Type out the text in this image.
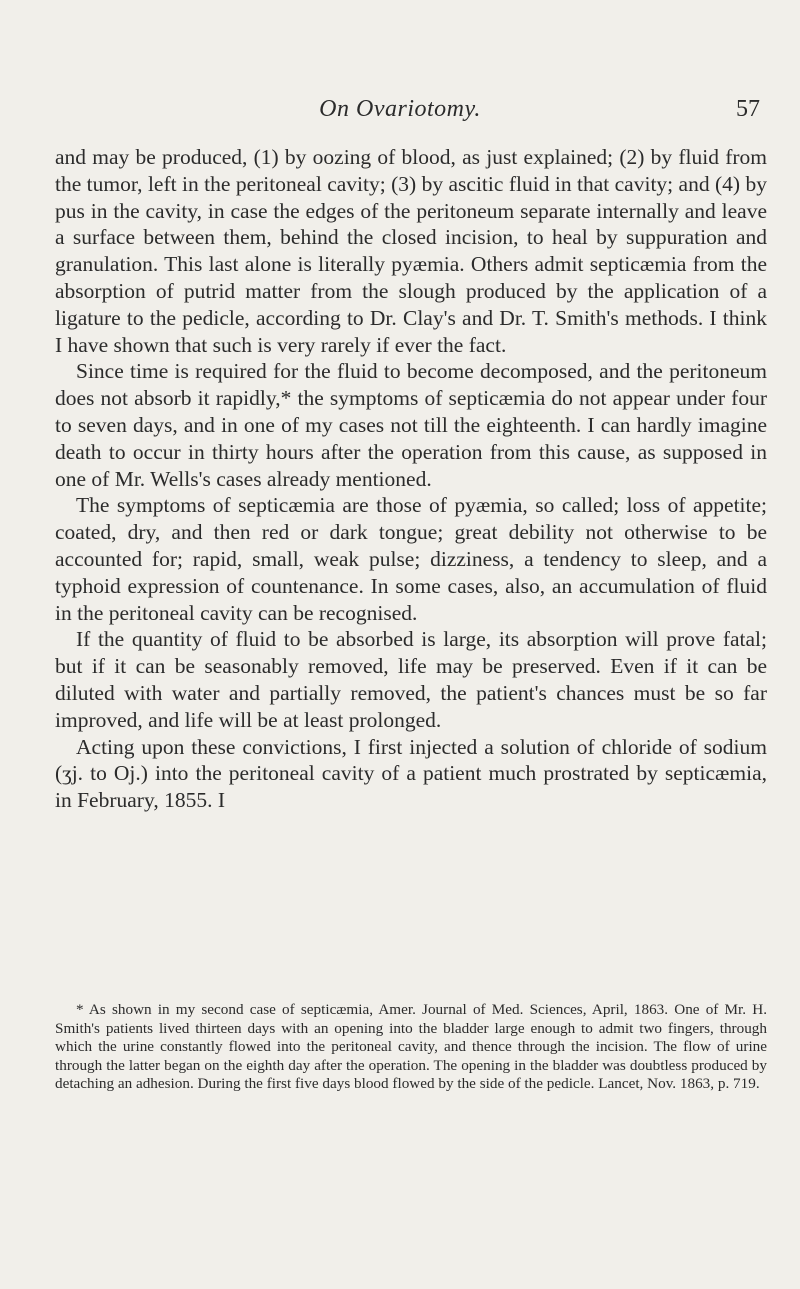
On Ovariotomy.	57

and may be produced, (1) by oozing of blood, as just explained; (2) by fluid from the tumor, left in the peritoneal cavity; (3) by ascitic fluid in that cavity; and (4) by pus in the cavity, in case the edges of the peritoneum separate internally and leave a surface between them, behind the closed incision, to heal by suppuration and granulation. This last alone is literally pyæmia. Others admit septicæmia from the absorption of putrid matter from the slough produced by the application of a ligature to the pedicle, according to Dr. Clay's and Dr. T. Smith's methods. I think I have shown that such is very rarely if ever the fact.

Since time is required for the fluid to become decomposed, and the peritoneum does not absorb it rapidly,* the symptoms of septicæmia do not appear under four to seven days, and in one of my cases not till the eighteenth. I can hardly imagine death to occur in thirty hours after the operation from this cause, as supposed in one of Mr. Wells's cases already mentioned.

The symptoms of septicæmia are those of pyæmia, so called; loss of appetite; coated, dry, and then red or dark tongue; great debility not otherwise to be accounted for; rapid, small, weak pulse; dizziness, a tendency to sleep, and a typhoid expression of countenance. In some cases, also, an accumulation of fluid in the peritoneal cavity can be recognised.

If the quantity of fluid to be absorbed is large, its absorption will prove fatal; but if it can be seasonably removed, life may be preserved. Even if it can be diluted with water and partially removed, the patient's chances must be so far improved, and life will be at least prolonged.

Acting upon these convictions, I first injected a solution of chloride of sodium (ʒj. to Oj.) into the peritoneal cavity of a patient much prostrated by septicæmia, in February, 1855. I

* As shown in my second case of septicæmia, Amer. Journal of Med. Sciences, April, 1863. One of Mr. H. Smith's patients lived thirteen days with an opening into the bladder large enough to admit two fingers, through which the urine constantly flowed into the peritoneal cavity, and thence through the incision. The flow of urine through the latter began on the eighth day after the operation. The opening in the bladder was doubtless produced by detaching an adhesion. During the first five days blood flowed by the side of the pedicle. Lancet, Nov. 1863, p. 719.
